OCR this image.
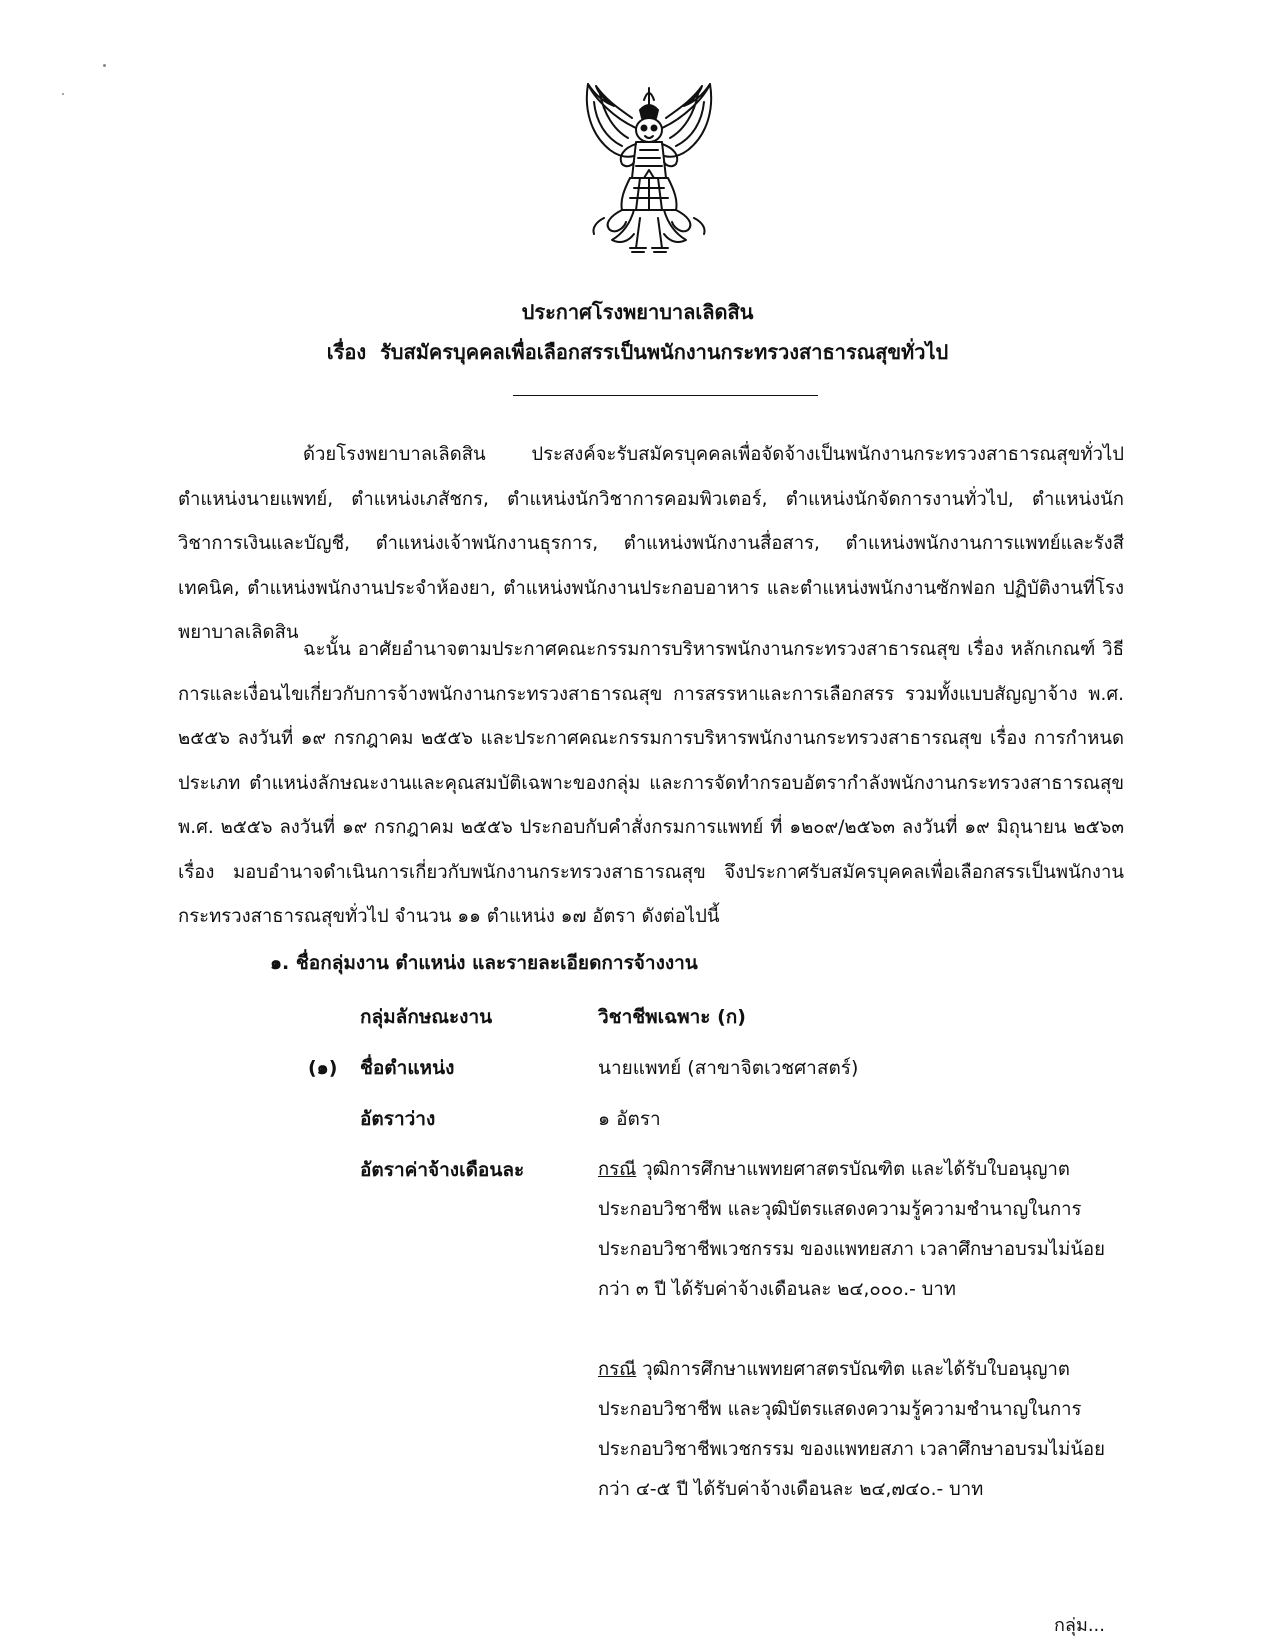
ประกาศโรงพยาบาลเลิดสิน
เรื่อง รับสมัครบุคคลเพื่อเลือกสรรเป็นพนักงานกระทรวงสาธารณสุขทั่วไป
ด้วยโรงพยาบาลเลิดสิน ประสงค์จะรับสมัครบุคคลเพื่อจัดจ้างเป็นพนักงานกระทรวงสาธารณสุขทั่วไป ตำแหน่งนายแพทย์, ตำแหน่งเภสัชกร, ตำแหน่งนักวิชาการคอมพิวเตอร์, ตำแหน่งนักจัดการงานทั่วไป, ตำแหน่งนักวิชาการเงินและบัญชี, ตำแหน่งเจ้าพนักงานธุรการ, ตำแหน่งพนักงานสื่อสาร, ตำแหน่งพนักงานการแพทย์และรังสีเทคนิค, ตำแหน่งพนักงานประจำห้องยา, ตำแหน่งพนักงานประกอบอาหาร และตำแหน่งพนักงานซักฟอก ปฏิบัติงานที่โรงพยาบาลเลิดสิน
ฉะนั้น อาศัยอำนาจตามประกาศคณะกรรมการบริหารพนักงานกระทรวงสาธารณสุข เรื่อง หลักเกณฑ์ วิธีการและเงื่อนไขเกี่ยวกับการจ้างพนักงานกระทรวงสาธารณสุข การสรรหาและการเลือกสรร รวมทั้งแบบสัญญาจ้าง พ.ศ. ๒๕๕๖ ลงวันที่ ๑๙ กรกฎาคม ๒๕๕๖ และประกาศคณะกรรมการบริหารพนักงานกระทรวงสาธารณสุข เรื่อง การกำหนดประเภท ตำแหน่งลักษณะงานและคุณสมบัติเฉพาะของกลุ่ม และการจัดทำกรอบอัตรากำลังพนักงานกระทรวงสาธารณสุข พ.ศ. ๒๕๕๖ ลงวันที่ ๑๙ กรกฎาคม ๒๕๕๖ ประกอบกับคำสั่งกรมการแพทย์ ที่ ๑๒๐๙/๒๕๖๓ ลงวันที่ ๑๙ มิถุนายน ๒๕๖๓ เรื่อง มอบอำนาจดำเนินการเกี่ยวกับพนักงานกระทรวงสาธารณสุข จึงประกาศรับสมัครบุคคลเพื่อเลือกสรรเป็นพนักงานกระทรวงสาธารณสุขทั่วไป จำนวน ๑๑ ตำแหน่ง ๑๗ อัตรา ดังต่อไปนี้
๑. ชื่อกลุ่มงาน ตำแหน่ง และรายละเอียดการจ้างงาน
กลุ่มลักษณะงาน	วิชาชีพเฉพาะ (ก)
(๑) ชื่อตำแหน่ง	นายแพทย์ (สาขาจิตเวชศาสตร์)
อัตราว่าง	๑ อัตรา
อัตราค่าจ้างเดือนละ	กรณี วุฒิการศึกษาแพทยศาสตรบัณฑิต และได้รับใบอนุญาตประกอบวิชาชีพ และวุฒิบัตรแสดงความรู้ความชำนาญในการประกอบวิชาชีพเวชกรรม ของแพทยสภา เวลาศึกษาอบรมไม่น้อยกว่า ๓ ปี ได้รับค่าจ้างเดือนละ ๒๔,๐๐๐.- บาท
กรณี วุฒิการศึกษาแพทยศาสตรบัณฑิต และได้รับใบอนุญาตประกอบวิชาชีพ และวุฒิบัตรแสดงความรู้ความชำนาญในการประกอบวิชาชีพเวชกรรม ของแพทยสภา เวลาศึกษาอบรมไม่น้อยกว่า ๔-๕ ปี ได้รับค่าจ้างเดือนละ ๒๔,๗๔๐.- บาท
กลุ่ม...
